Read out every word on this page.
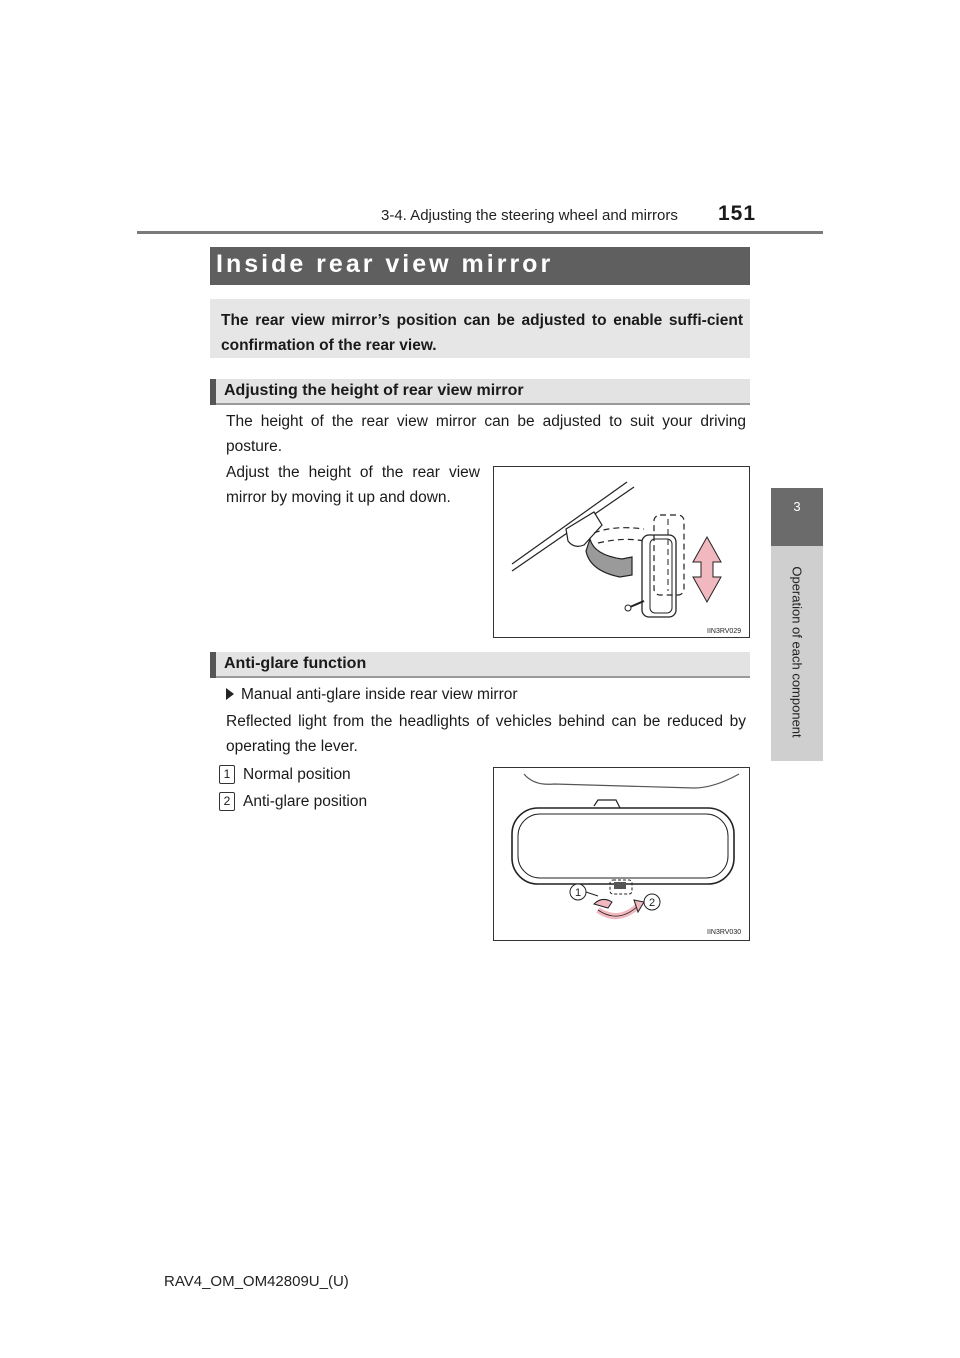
3-4. Adjusting the steering wheel and mirrors 151
3
Operation of each component
Inside rear view mirror
The rear view mirror’s position can be adjusted to enable suffi-cient confirmation of the rear view.
Adjusting the height of rear view mirror
The height of the rear view mirror can be adjusted to suit your driving posture.
Adjust the height of the rear view mirror by moving it up and down.
IIN3RV029
Anti-glare function
Manual anti-glare inside rear view mirror
Reflected light from the headlights of vehicles behind can be reduced by operating the lever.
1 Normal position
2 Anti-glare position
1
2
IIN3RV030
RAV4_OM_OM42809U_(U)
